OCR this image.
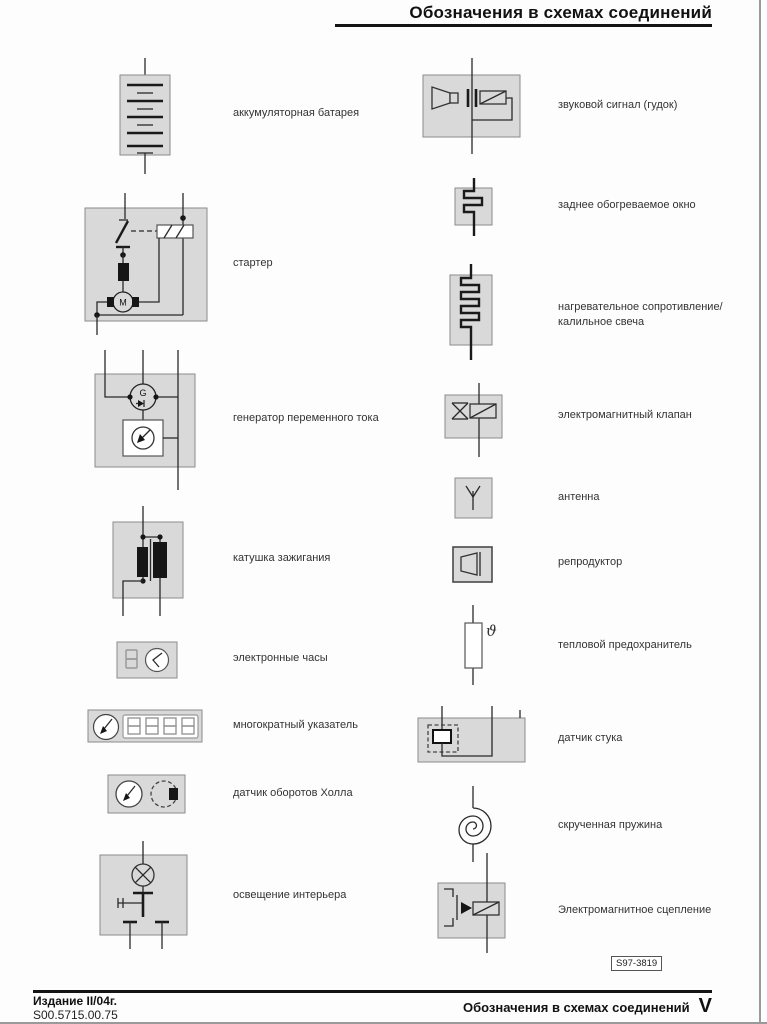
Обозначения в схемах соединений
аккумуляторная батарея
M
стартер
G
генератор переменного тока
катушка зажигания
электронные часы
многократный указатель
датчик оборотов Холла
освещение интерьера
звуковой сигнал (гудок)
заднее обогреваемое окно
нагревательное сопротивление/калильное свеча
электромагнитный клапан
антенна
репродуктор
ϑ
тепловой предохранитель
датчик стука
скрученная пружина
Электромагнитное сцепление
S97-3819
Издание II/04г.
S00.5715.00.75	Обозначения в схемах соединений V
